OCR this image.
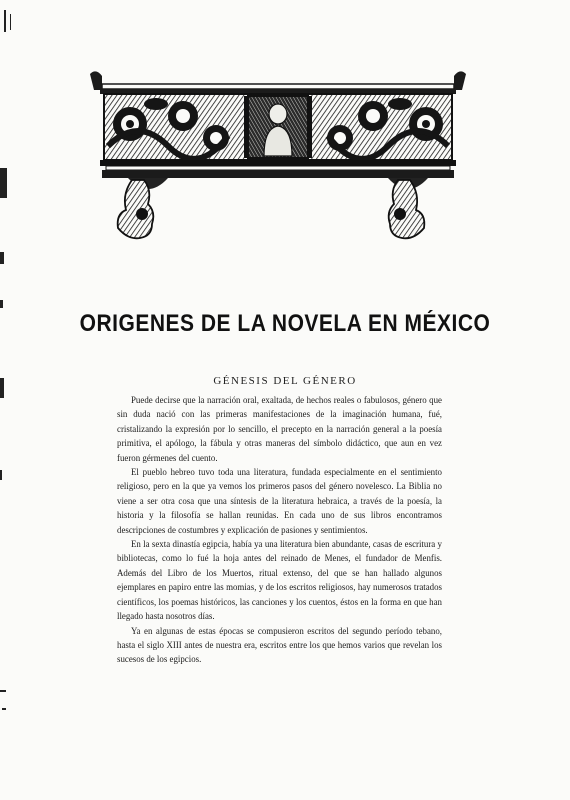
ORIGENES DE LA NOVELA EN MÉXICO
GÉNESIS DEL GÉNERO

Puede decirse que la narración oral, exaltada, de hechos reales o fabulosos, género que sin duda nació con las primeras manifestaciones de la imaginación humana, fué, cristalizando la expresión por lo sencillo, el precepto en la narración general a la poesía primitiva, el apólogo, la fábula y otras maneras del símbolo didáctico, que aun en vez fueron gérmenes del cuento.

El pueblo hebreo tuvo toda una literatura, fundada especialmente en el sentimiento religioso, pero en la que ya vemos los primeros pasos del género novelesco. La Biblia no viene a ser otra cosa que una síntesis de la literatura hebraica, a través de la poesía, la historia y la filosofía se hallan reunidas. En cada uno de sus libros encontramos descripciones de costumbres y explicación de pasiones y sentimientos.

En la sexta dinastía egipcia, había ya una literatura bien abundante, casas de escritura y bibliotecas, como lo fué la hoja antes del reinado de Menes, el fundador de Menfis. Además del Libro de los Muertos, ritual extenso, del que se han hallado algunos ejemplares en papiro entre las momias, y de los escritos religiosos, hay numerosos tratados científicos, los poemas históricos, las canciones y los cuentos, éstos en la forma en que han llegado hasta nosotros días.

Ya en algunas de estas épocas se compusieron escritos del segundo período tebano, hasta el siglo XIII antes de nuestra era, escritos entre los que hemos varios que revelan los sucesos de los egipcios.
